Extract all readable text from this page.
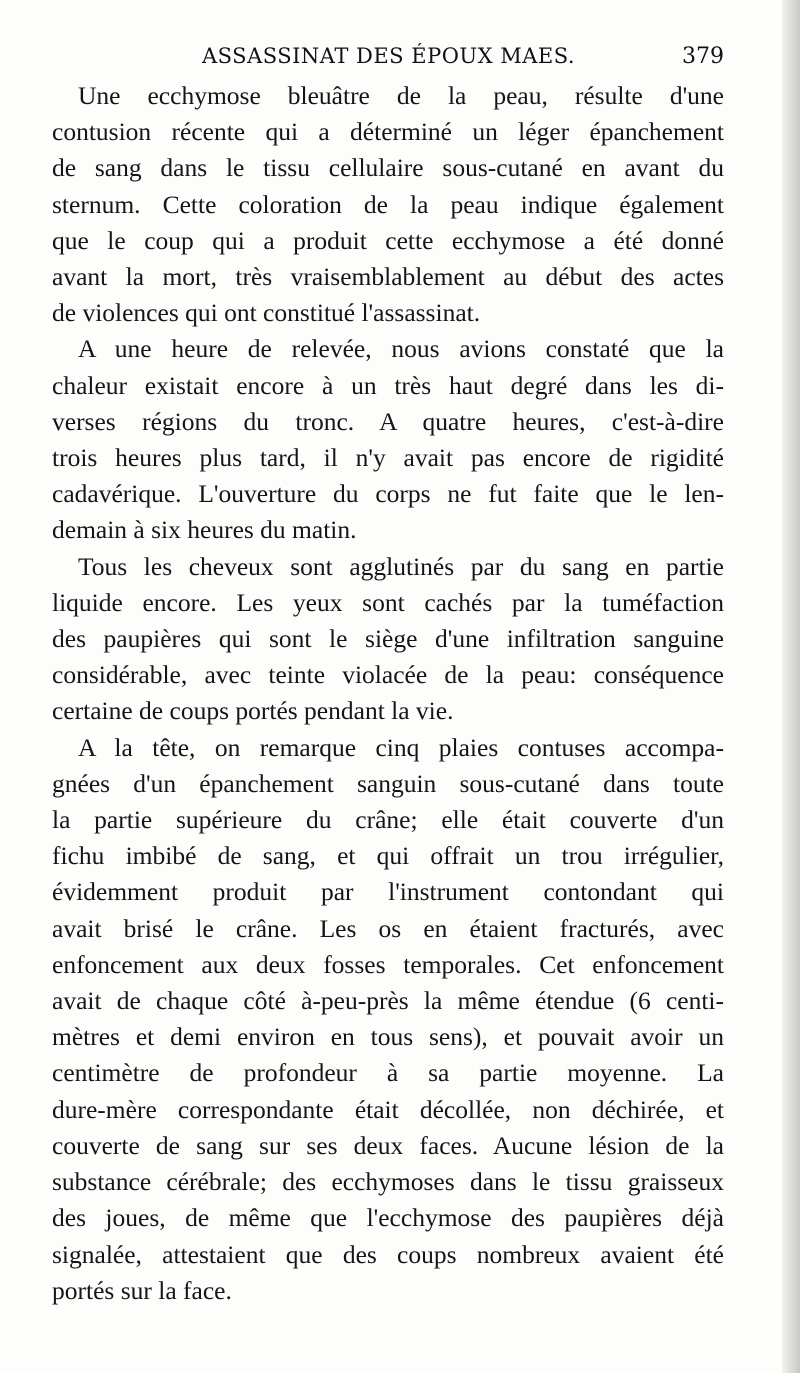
ASSASSINAT DES ÉPOUX MAES.	379
Une ecchymose bleuâtre de la peau, résulte d'une
contusion récente qui a déterminé un léger épanchement
de sang dans le tissu cellulaire sous-cutané en avant du
sternum. Cette coloration de la peau indique également
que le coup qui a produit cette ecchymose a été donné
avant la mort, très vraisemblablement au début des actes
de violences qui ont constitué l'assassinat.
A une heure de relevée, nous avions constaté que la
chaleur existait encore à un très haut degré dans les di-
verses régions du tronc. A quatre heures, c'est-à-dire
trois heures plus tard, il n'y avait pas encore de rigidité
cadavérique. L'ouverture du corps ne fut faite que le len-
demain à six heures du matin.
Tous les cheveux sont agglutinés par du sang en partie
liquide encore. Les yeux sont cachés par la tuméfaction
des paupières qui sont le siège d'une infiltration sanguine
considérable, avec teinte violacée de la peau: conséquence
certaine de coups portés pendant la vie.
A la tête, on remarque cinq plaies contuses accompa-
gnées d'un épanchement sanguin sous-cutané dans toute
la partie supérieure du crâne; elle était couverte d'un
fichu imbibé de sang, et qui offrait un trou irrégulier,
évidemment produit par l'instrument contondant qui
avait brisé le crâne. Les os en étaient fracturés, avec
enfoncement aux deux fosses temporales. Cet enfoncement
avait de chaque côté à-peu-près la même étendue (6 centi-
mètres et demi environ en tous sens), et pouvait avoir un
centimètre de profondeur à sa partie moyenne. La
dure-mère correspondante était décollée, non déchirée, et
couverte de sang sur ses deux faces. Aucune lésion de la
substance cérébrale; des ecchymoses dans le tissu graisseux
des joues, de même que l'ecchymose des paupières déjà
signalée, attestaient que des coups nombreux avaient été
portés sur la face.
